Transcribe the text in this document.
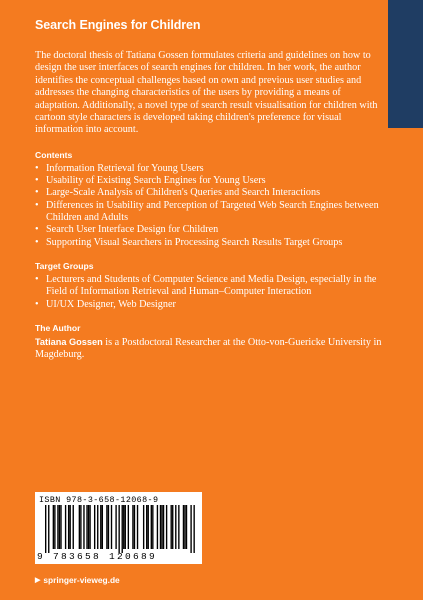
Search Engines for Children

The doctoral thesis of Tatiana Gossen formulates criteria and guidelines on how to design the user interfaces of search engines for children. In her work, the author identifies the conceptual challenges based on own and previous user studies and addresses the changing characteristics of the users by providing a means of adaptation. Additionally, a novel type of search result visualisation for children with cartoon style characters is developed taking children's preference for visual information into account.

Contents
• Information Retrieval for Young Users
• Usability of Existing Search Engines for Young Users
• Large-Scale Analysis of Children's Queries and Search Interactions
• Differences in Usability and Perception of Targeted Web Search Engines between Children and Adults
• Search User Interface Design for Children
• Supporting Visual Searchers in Processing Search Results Target Groups
Target Groups
• Lecturers and Students of Computer Science and Media Design, especially in the Field of Information Retrieval and Human–Computer Interaction
• UI/UX Designer, Web Designer
The Author

Tatiana Gossen is a Postdoctoral Researcher at the Otto-von-Guericke University in Magdeburg.

ISBN 978-3-658-12068-9
9 783658 120689
▶ springer-vieweg.de
